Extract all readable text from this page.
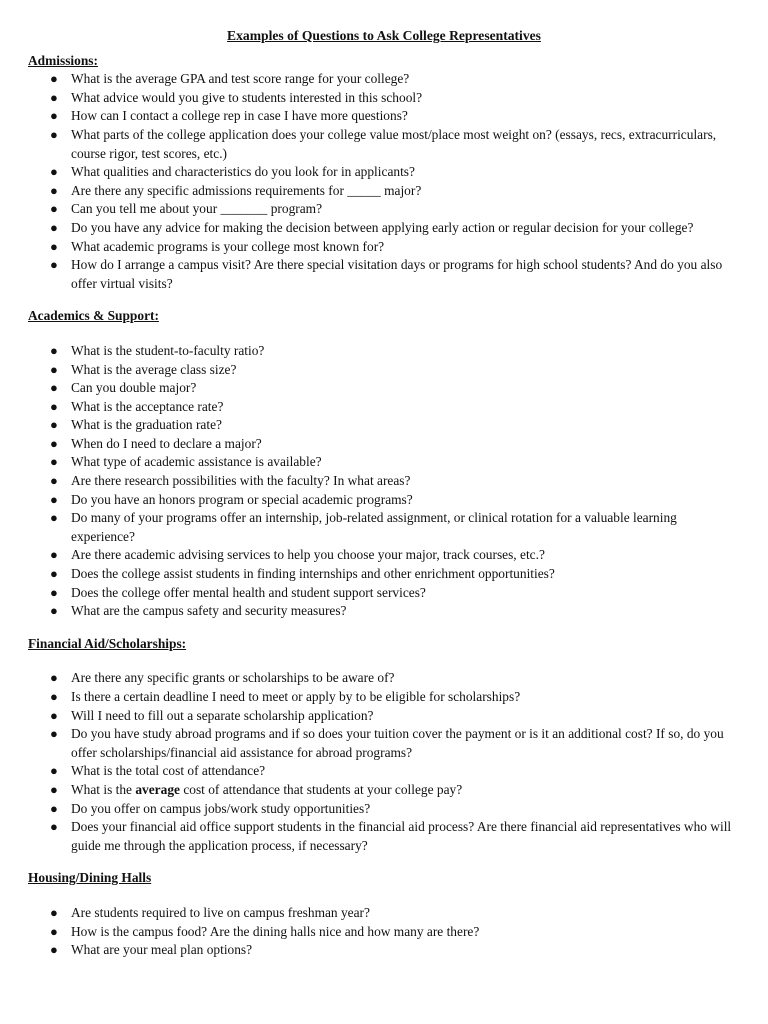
Examples of Questions to Ask College Representatives
Admissions:
● What is the average GPA and test score range for your college?
● What advice would you give to students interested in this school?
● How can I contact a college rep in case I have more questions?
● What parts of the college application does your college value most/place most weight on? (essays, recs, extracurriculars, course rigor, test scores, etc.)
● What qualities and characteristics do you look for in applicants?
● Are there any specific admissions requirements for _____ major?
● Can you tell me about your _______ program?
● Do you have any advice for making the decision between applying early action or regular decision for your college?
● What academic programs is your college most known for?
● How do I arrange a campus visit? Are there special visitation days or programs for high school students? And do you also offer virtual visits?
Academics & Support:
● What is the student-to-faculty ratio?
● What is the average class size?
● Can you double major?
● What is the acceptance rate?
● What is the graduation rate?
● When do I need to declare a major?
● What type of academic assistance is available?
● Are there research possibilities with the faculty? In what areas?
● Do you have an honors program or special academic programs?
● Do many of your programs offer an internship, job-related assignment, or clinical rotation for a valuable learning experience?
● Are there academic advising services to help you choose your major, track courses, etc.?
● Does the college assist students in finding internships and other enrichment opportunities?
● Does the college offer mental health and student support services?
● What are the campus safety and security measures?
Financial Aid/Scholarships:
● Are there any specific grants or scholarships to be aware of?
● Is there a certain deadline I need to meet or apply by to be eligible for scholarships?
● Will I need to fill out a separate scholarship application?
● Do you have study abroad programs and if so does your tuition cover the payment or is it an additional cost? If so, do you offer scholarships/financial aid assistance for abroad programs?
● What is the total cost of attendance?
● What is the average cost of attendance that students at your college pay?
● Do you offer on campus jobs/work study opportunities?
● Does your financial aid office support students in the financial aid process? Are there financial aid representatives who will guide me through the application process, if necessary?
Housing/Dining Halls
● Are students required to live on campus freshman year?
● How is the campus food? Are the dining halls nice and how many are there?
● What are your meal plan options?
